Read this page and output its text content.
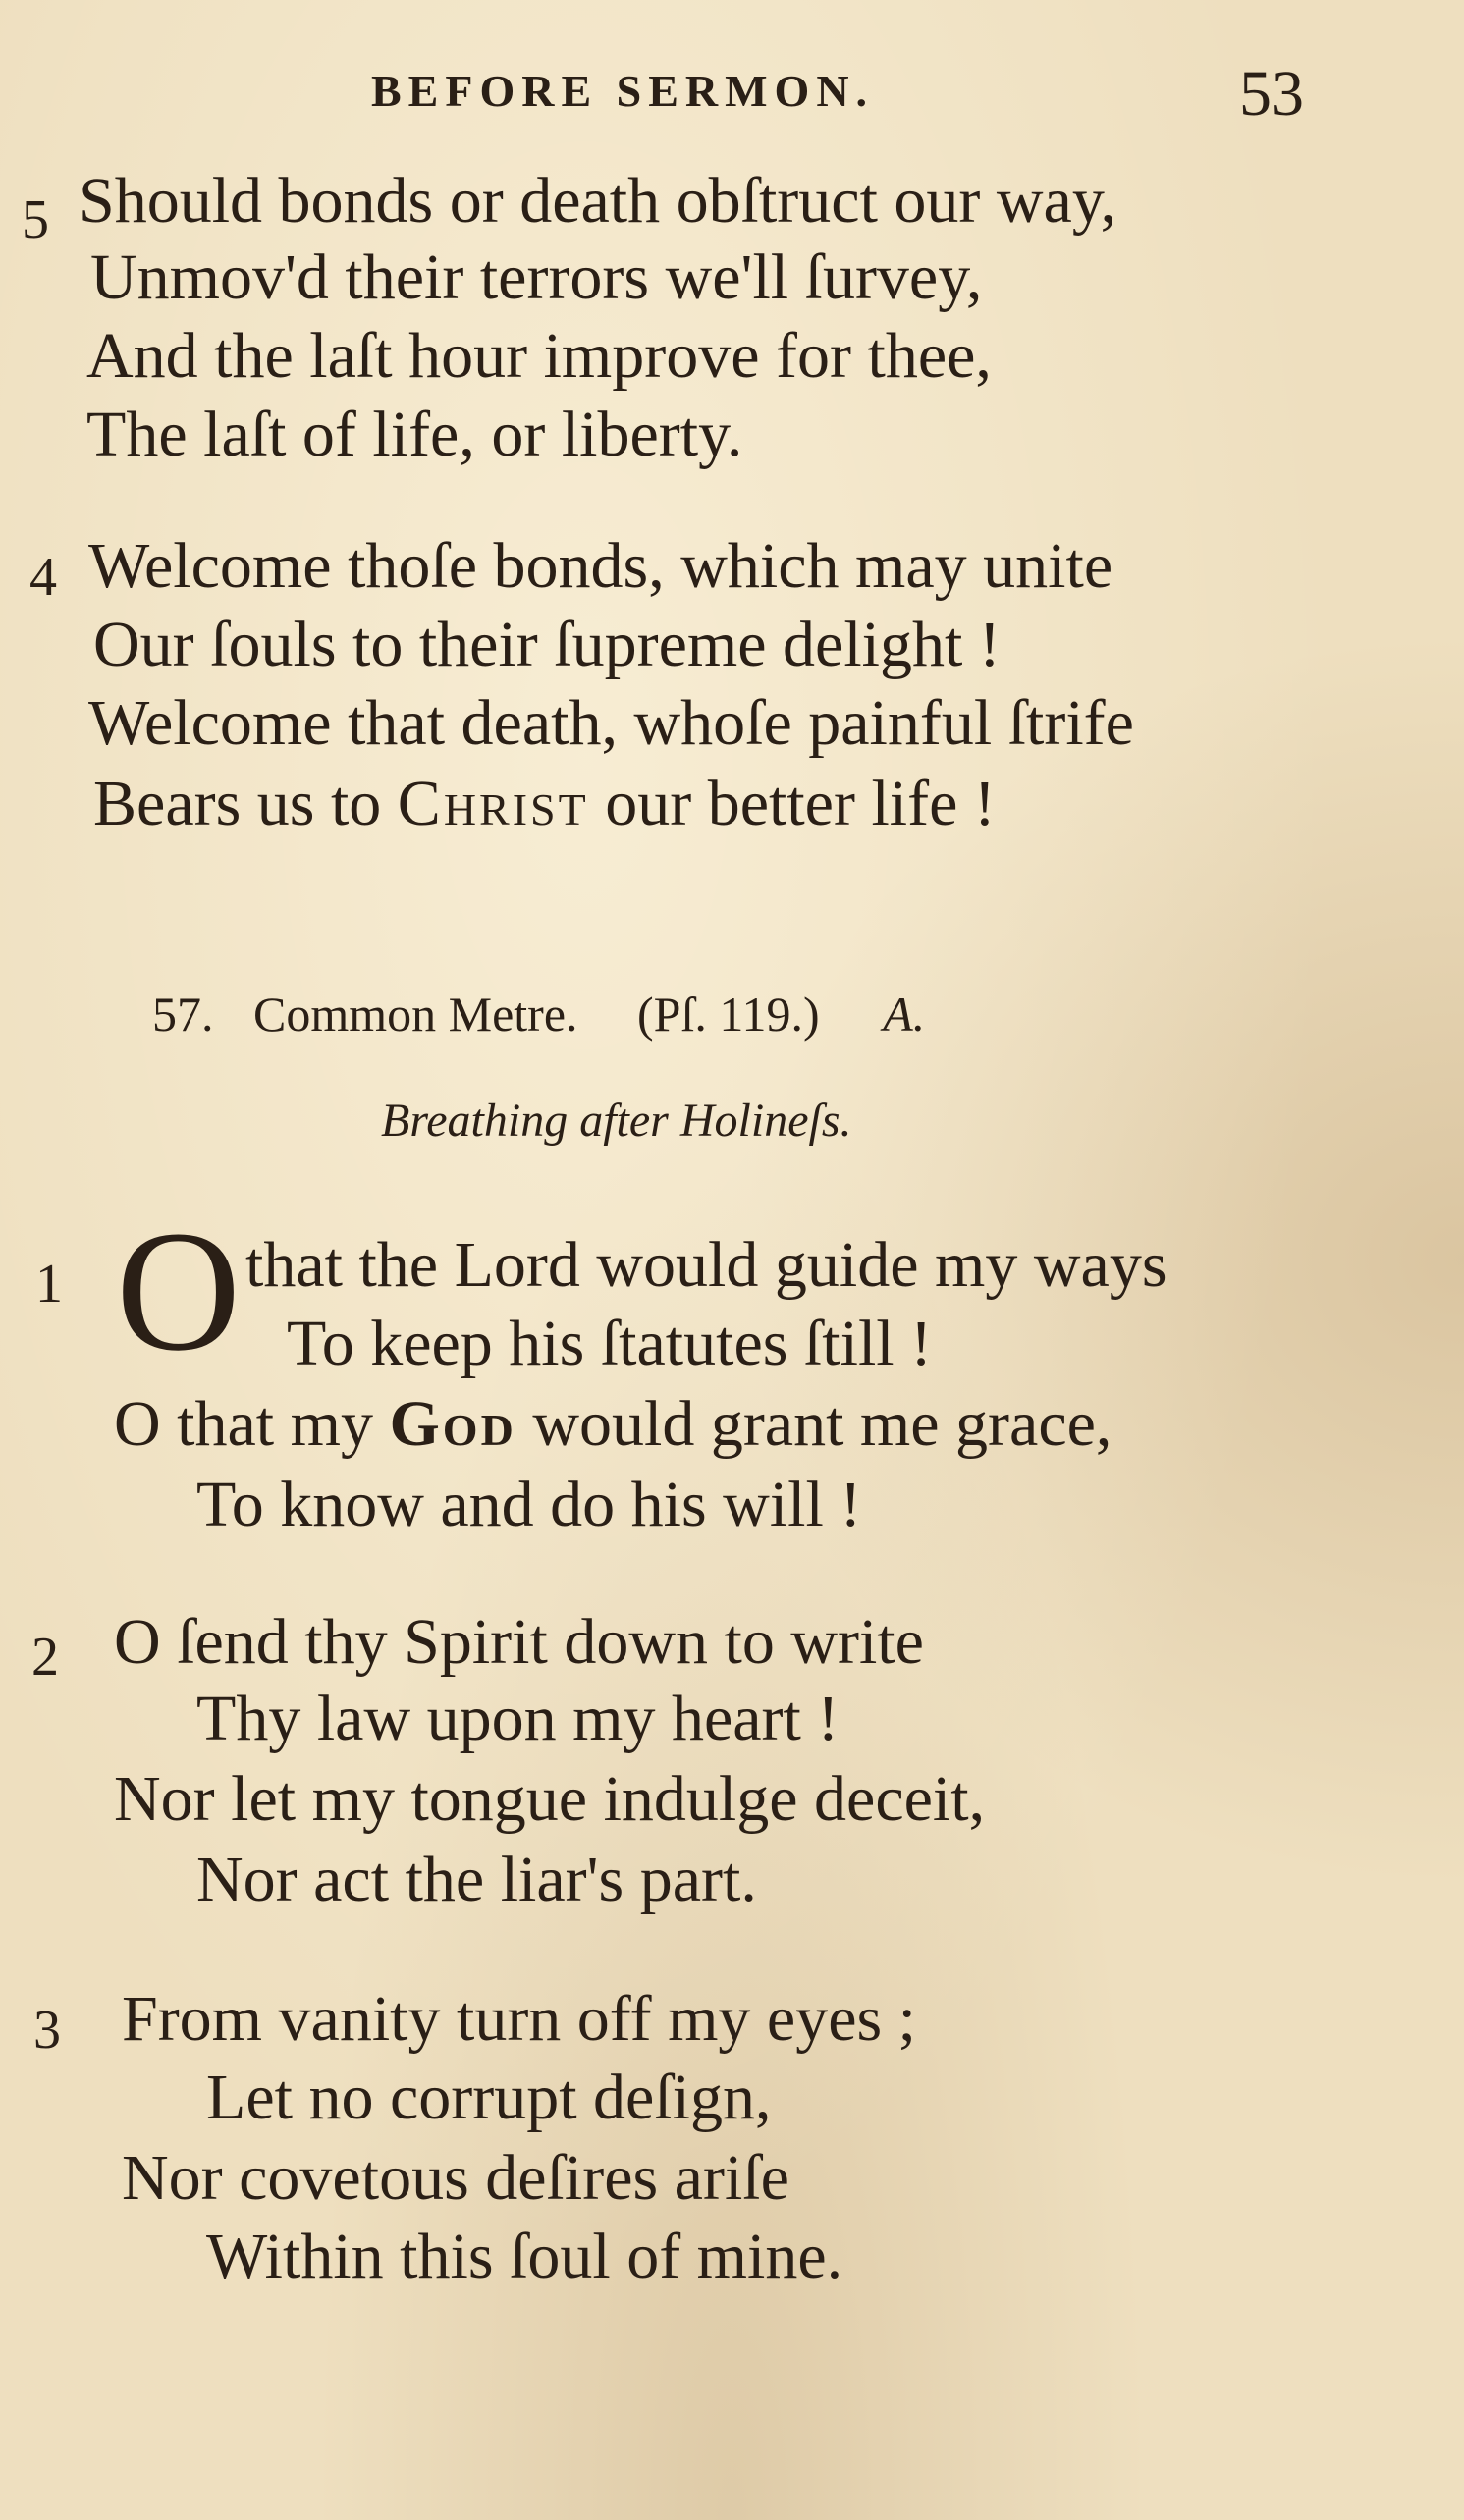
BEFORE SERMON.	53
5 Should bonds or death obſtruct our way,
Unmov'd their terrors we'll ſurvey,
And the laſt hour improve for thee,
The laſt of life, or liberty.
4 Welcome thoſe bonds, which may unite
Our ſouls to their ſupreme delight !
Welcome that death, whoſe painful ſtrife
Bears us to Christ our better life !
57. Common Metre. (Pſ. 119.) A.
Breathing after Holineſs.
1 O that the Lord would guide my ways
To keep his ſtatutes ſtill !
O that my God would grant me grace,
To know and do his will !
2 O ſend thy Spirit down to write
Thy law upon my heart !
Nor let my tongue indulge deceit,
Nor act the liar's part.
3 From vanity turn off my eyes ;
Let no corrupt deſign,
Nor covetous deſires ariſe
Within this ſoul of mine.
